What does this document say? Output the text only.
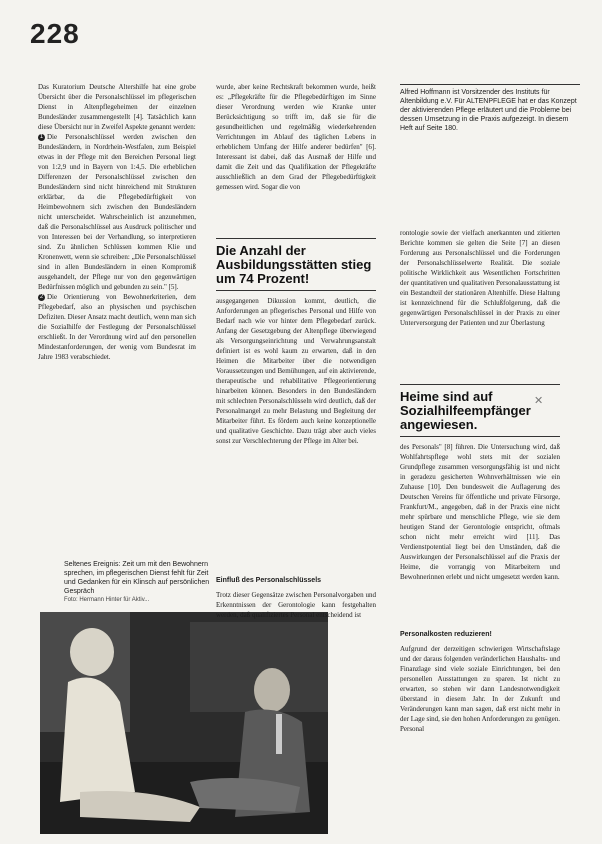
228

Das Kuratorium Deutsche Altershilfe hat eine grobe Übersicht über die Personalschlüssel im pflegerischen Dienst in Altenpflegeheimen der einzelnen Bundesländer zusammengestellt [4]. Tatsächlich kann diese Übersicht nur in Zweifel Aspekte genannt werden:

1 Die Personalschlüssel werden zwischen den Bundesländern, in Nordrhein-Westfalen, zum Beispiel etwas in der Pflege mit den Bereichen Personal liegt von 1:2,9 und in Bayern von 1:4,5. Die erheblichen Differenzen der Personalschlüssel zwischen den Bundesländern sind nicht hinreichend mit Strukturen erklärbar, da die Pflegebedürftigkeit von Heimbewohnern sich zwischen den Bundesländern nicht unterscheidet. Wahrscheinlich ist anzunehmen, daß die Personalschlüssel aus Ausdruck politischer und von Interessen bei der Verhandlung, so interpretieren sind. Zu ähnlichen Schlüssen kommen Klie und Kronenwett, wenn sie schreiben: „Die Personalschlüssel sind in allen Bundesländern in einen Kompromiß ausgehandelt, der Pflege nur von den gegenwärtigen Bedürfnissen möglich und gebunden zu sein." [5].

2 Die Orientierung von Bewohnerkriterien, dem Pflegebedarf, also an physischen und psychischen Defiziten. Dieser Ansatz macht deutlich, wenn man sich die Sozialhilfe der Festlegung der Personalschlüssel erschließt. In der Verordnung wird auf den personellen Mindestanforderungen, der wenig vom Bundesrat im Jahre 1983 verabschiedet.

Seltenes Ereignis: Zeit um mit den Bewohnern sprechen, im pflegerischen Dienst fehlt für Zeit und Gedanken für ein Klinsch auf persönlichen Gespräch
Foto: Hermann Hinter für Aktiv...

wurde, aber keine Rechtskraft bekommen wurde, heißt es: „Pflegekräfte für die Pflegebedürftigen im Sinne dieser Verordnung werden wie Kranke unter Berücksichtigung so trifft im, daß sie für die gesundheitlichen und regelmäßig wiederkehrenden Verrichtungen im Ablauf des täglichen Lebens in erheblichem Umfang der Hilfe anderer bedürfen" [6]. Interessant ist dabei, daß das Ausmaß der Hilfe und damit die Zeit und das Qualifikation der Pflegekräfte ausschließlich an dem Grad der Pflegebedürftigkeit gemessen wird. Sogar die von

Die Anzahl der Ausbildungsstätten stieg um 74 Prozent!

ausgegangenen Dikussion kommt, deutlich, die Anforderungen an pflegerisches Personal und Hilfe von Bedarf nach wie vor hinter dem Pflegebedarf zurück. Anfang der Gesetzgebung der Altenpflege überwiegend als Versorgungseinrichtung und Verwahrungsanstalt definiert ist es wohl kaum zu erwarten, daß in den Heimen die Mitarbeiter über die notwendigen Voraussetzungen und Bemühungen, auf ein aktivierende, therapeutische und rehabilitative Pflegeorientierung hinarbeiten können. Besonders in den Bundesländern mit schlechten Personalschlüsseln wird deutlich, daß der Personalmangel zu mehr Belastung und Begleitung der Mitarbeiter führt. Es fördern auch keine konzeptionelle und qualitative Geschichte. Dazu trägt aber auch vieles sonst zur Verschlechterung der Pflege im Alter bei.

Einfluß des Personalschlüssels

Trotz dieser Gegensätze zwischen Personalvorgaben und Erkenntnissen der Gerontologie kann festgehalten werden, daß qualifiziertes Personal entscheidend ist

Alfred Hoffmann ist Vorsitzender des Instituts für Altenbildung e.V. Für ALTENPFLEGE hat er das Konzept der aktivierenden Pflege erläutert und die Probleme bei dessen Umsetzung in die Praxis aufgezeigt. In diesem Heft auf Seite 180.

rontologie sowie der vielfach anerkannten und zitierten Berichte kommen sie gelten die Seite [7] an diesen Forderung aus Personalschlüssel und die Forderungen der Personalschlüsselwerte Realität. Die soziale politische Wirklichkeit aus Wesentlichen Fortschritten der quantitativen und qualitativen Personalausstattung ist ein Bestandteil der stationären Altenhilfe. Diese Haltung ist kennzeichnend für die Schlußfolgerung, daß die gegenwärtigen Personalschlüssel in der Praxis zu einer Unterversorgung der Patienten und zur Überlastung

Heime sind auf Sozialhilfeempfänger angewiesen.
✕

des Personals" [8] führen. Die Untersuchung wird, daß Wohlfahrtspflege wohl stets mit der sozialen Grundpflege zusammen versorgungsfähig ist und nicht in geradezu gesicherten Wohnverhältnissen wie ein Zuhause [10]. Den bundesweit die Auflagerung des Deutschen Vereins für öffentliche und private Fürsorge, Frankfurt/M., angegeben, daß in der Praxis eine nicht mehr spürbare und menschliche Pflege, wie sie dem heutigen Stand der Gerontologie entspricht, oftmals schon nicht mehr erreicht wird [11]. Das Verdienstpotential liegt bei den Umständen, daß die Auswirkungen der Personalschlüssel auf die Praxis der Heime, die vorrangig von Mitarbeitern und Bewohnerinnen erlebt und nicht umgesetzt werden kann.

Personalkosten reduzieren!

Aufgrund der derzeitigen schwierigen Wirtschaftslage und der daraus folgenden veränderlichen Haushalts- und Finanzlage sind viele soziale Einrichtungen, bei den personellen Ausstattungen zu sparen. Ist nicht zu erwarten, so stehen wir dann Landesnotwendigkeit überstand in diesem Jahr. In der Zukunft und Veränderungen kann man sagen, daß erst nicht mehr in der Lage sind, sie den hohen Anforderungen zu genügen. Personal
